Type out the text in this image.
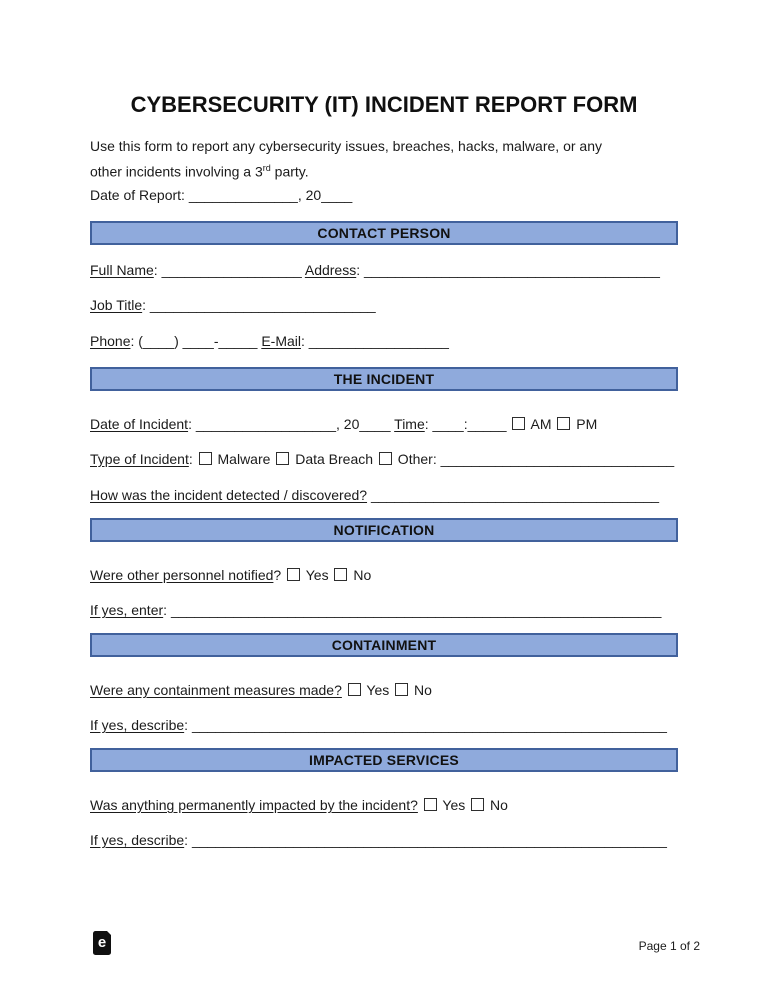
CYBERSECURITY (IT) INCIDENT REPORT FORM
Use this form to report any cybersecurity issues, breaches, hacks, malware, or any
other incidents involving a 3rd party.
Date of Report: ______________, 20____
CONTACT PERSON
Full Name: __________________ Address: ______________________________________
Job Title: _____________________________
Phone: (____) ____-_____ E-Mail: __________________
THE INCIDENT
Date of Incident: __________________, 20____ Time: ____:_____  AM  PM
Type of Incident:  Malware  Data Breach  Other: ______________________________
How was the incident detected / discovered? _____________________________________
NOTIFICATION
Were other personnel notified?  Yes  No
If yes, enter: _______________________________________________________________
CONTAINMENT
Were any containment measures made?  Yes  No
If yes, describe: _____________________________________________________________
IMPACTED SERVICES
Was anything permanently impacted by the incident?  Yes  No
If yes, describe: _____________________________________________________________
e	Page 1 of 2
